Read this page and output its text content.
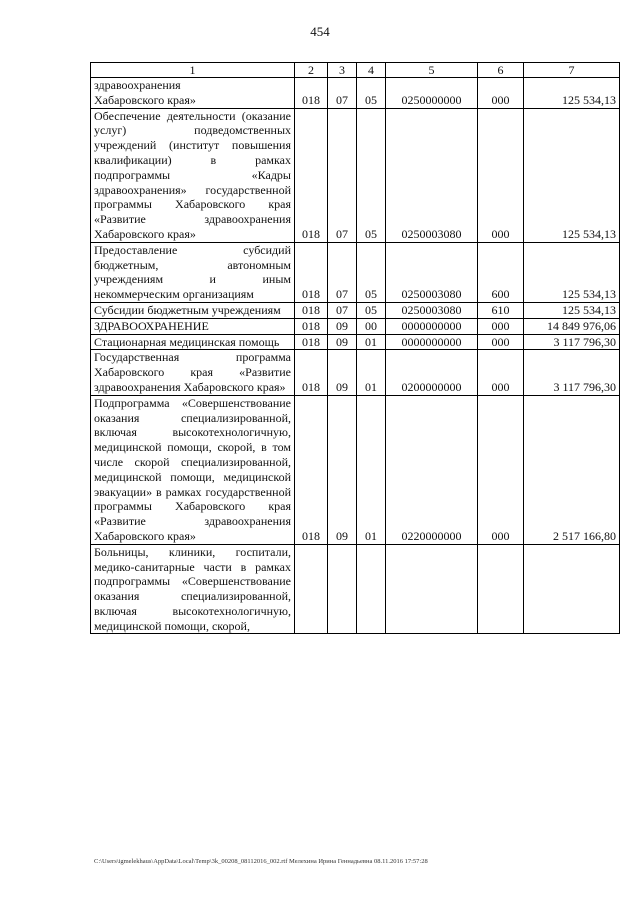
454
1	2	3	4	5	6	7
здравоохранения
Хабаровского края»	018	07	05	0250000000	000	125 534,13
Обеспечение деятельности (оказание услуг) подведомственных учреждений (институт повышения квалификации) в рамках подпрограммы «Кадры здравоохранения» государственной программы Хабаровского края «Развитие здравоохранения Хабаровского края»	018	07	05	0250003080	000	125 534,13
Предоставление субсидий бюджетным, автономным учреждениям и иным некоммерческим организациям	018	07	05	0250003080	600	125 534,13
Субсидии бюджетным учреждениям	018	07	05	0250003080	610	125 534,13
ЗДРАВООХРАНЕНИЕ	018	09	00	0000000000	000	14 849 976,06
Стационарная медицинская помощь	018	09	01	0000000000	000	3 117 796,30
Государственная программа Хабаровского края «Развитие здравоохранения Хабаровского края»	018	09	01	0200000000	000	3 117 796,30
Подпрограмма «Совершенствование оказания специализированной, включая высокотехнологичную, медицинской помощи, скорой, в том числе скорой специализированной, медицинской помощи, медицинской эвакуации» в рамках государственной программы Хабаровского края «Развитие здравоохранения Хабаровского края»	018	09	01	0220000000	000	2 517 166,80
Больницы, клиники, госпитали, медико-санитарные части в рамках подпрограммы «Совершенствование оказания специализированной, включая высокотехнологичную, медицинской помощи, скорой,						
C:\Users\igmelekhaus\AppData\Local\Temp\3k_00208_08112016_002.rtf Мелехина Ирина Геннадьевна 08.11.2016 17:57:28
